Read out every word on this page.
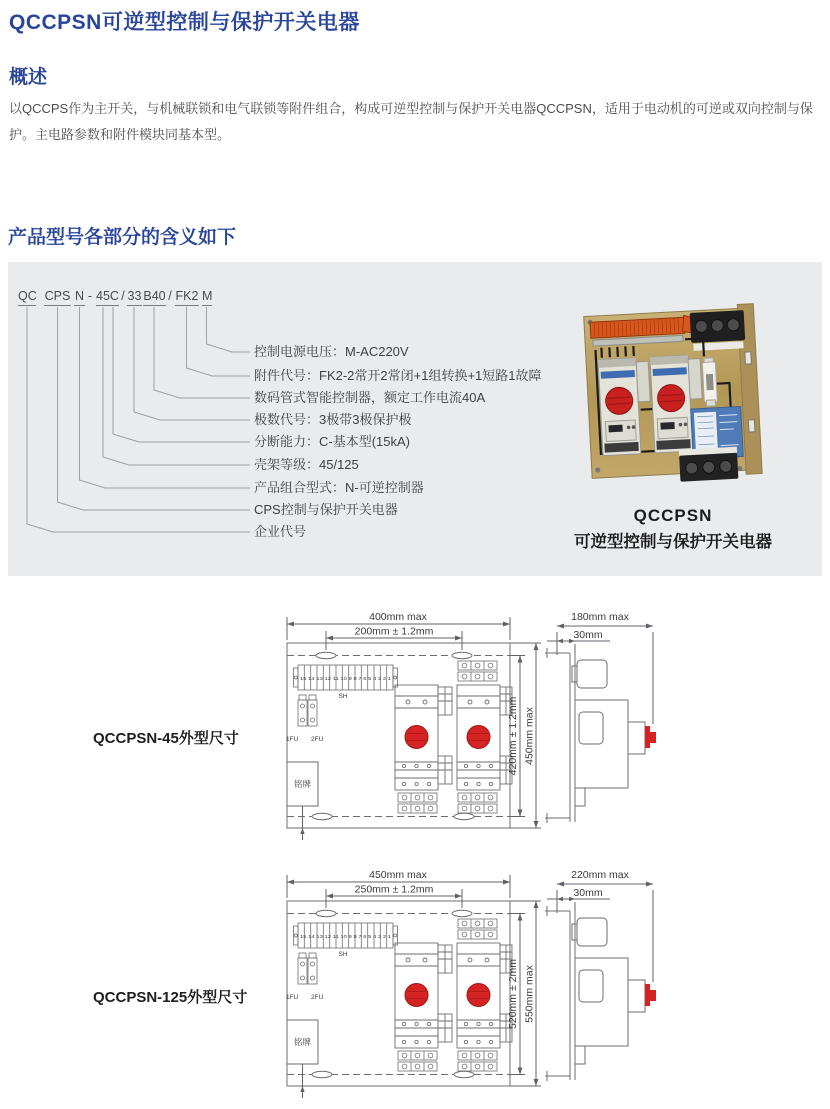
QCCPSN可逆型控制与保护开关电器
概述
以QCCPS作为主开关，与机械联锁和电气联锁等附件组合，构成可逆型控制与保护开关电器QCCPSN，适用于电动机的可逆或双向控制与保护。主电路参数和附件模块同基本型。
产品型号各部分的含义如下
QC CPS N - 45C / 33 B40 / FK2 M
控制电源电压：M-AC220V
附件代号：FK2-2常开2常闭+1组转换+1短路1故障
数码管式智能控制器，额定工作电流40A
极数代号：3极带3极保护极
分断能力：C-基本型(15kA)
壳架等级：45/125
产品组合型式：N-可逆控制器
CPS控制与保护开关电器
企业代号
QCCPSN
可逆型控制与保护开关电器
QCCPSN-45外型尺寸
400mm max
200mm ± 1.2mm
15 14 13 12 11 10 9 8 7 6 5 4 3 2 1
SH
1FU 2FU
铭牌
420mm ± 1.2mm 450mm max
180mm max
30mm
QCCPSN-125外型尺寸
450mm max
250mm ± 1.2mm
15 14 13 12 11 10 9 8 7 6 5 4 3 2 1
SH
1FU 2FU
铭牌
520mm ± 2mm 550mm max
220mm max
30mm
